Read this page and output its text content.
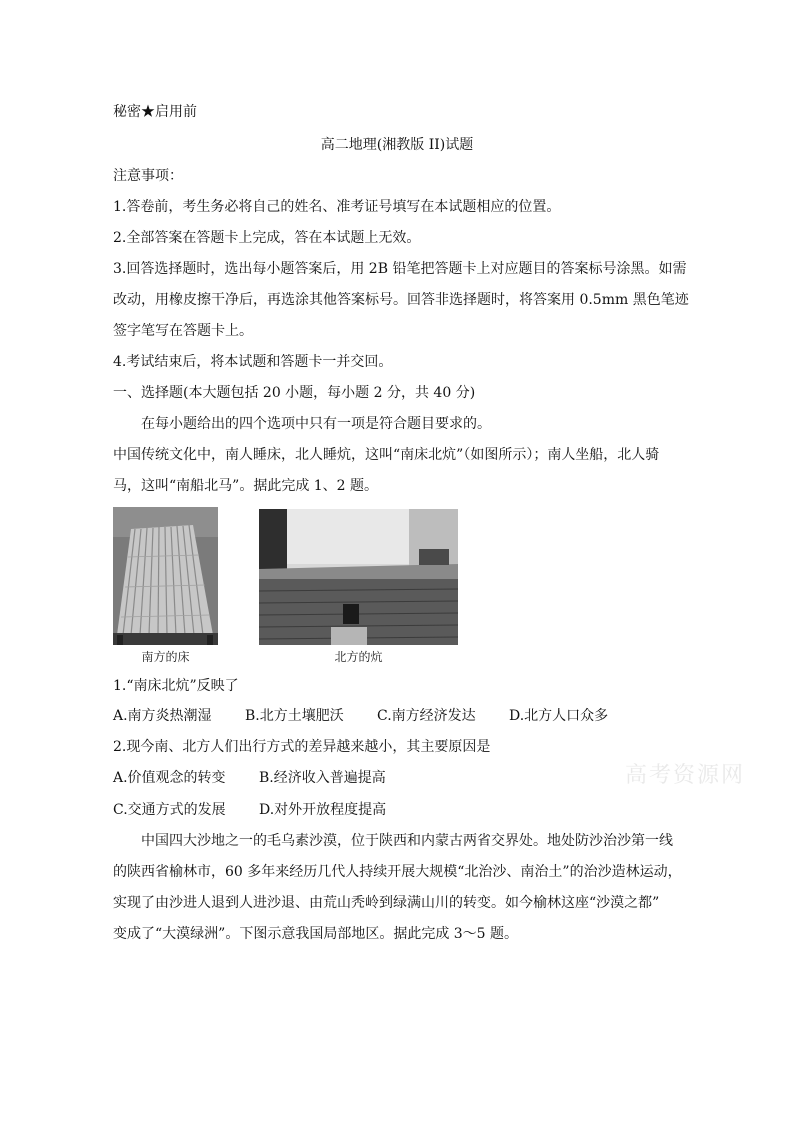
秘密★启用前
高二地理(湘教版 II)试题
注意事项：
1.答卷前，考生务必将自己的姓名、准考证号填写在本试题相应的位置。
2.全部答案在答题卡上完成，答在本试题上无效。
3.回答选择题时，选出每小题答案后，用 2B 铅笔把答题卡上对应题目的答案标号涂黑。如需
改动，用橡皮擦干净后，再选涂其他答案标号。回答非选择题时，将答案用 0.5mm 黑色笔迹
签字笔写在答题卡上。
4.考试结束后，将本试题和答题卡一并交回。
一、选择题(本大题包括 20 小题，每小题 2 分，共 40 分)
在每小题给出的四个选项中只有一项是符合题目要求的。
中国传统文化中，南人睡床，北人睡炕，这叫“南床北炕”（如图所示）；南人坐船，北人骑
马，这叫“南船北马”。据此完成 1、2 题。
南方的床	北方的炕
1.“南床北炕”反映了
A.南方炎热潮湿 B.北方土壤肥沃 C.南方经济发达 D.北方人口众多
2.现今南、北方人们出行方式的差异越来越小，其主要原因是
A.价值观念的转变 B.经济收入普遍提高	高考资源网
C.交通方式的发展 D.对外开放程度提高
中国四大沙地之一的毛乌素沙漠，位于陕西和内蒙古两省交界处。地处防沙治沙第一线
的陕西省榆林市，60 多年来经历几代人持续开展大规模“北治沙、南治土”的治沙造林运动，
实现了由沙进人退到人进沙退、由荒山秃岭到绿满山川的转变。如今榆林这座“沙漠之都”
变成了“大漠绿洲”。下图示意我国局部地区。据此完成 3～5 题。
